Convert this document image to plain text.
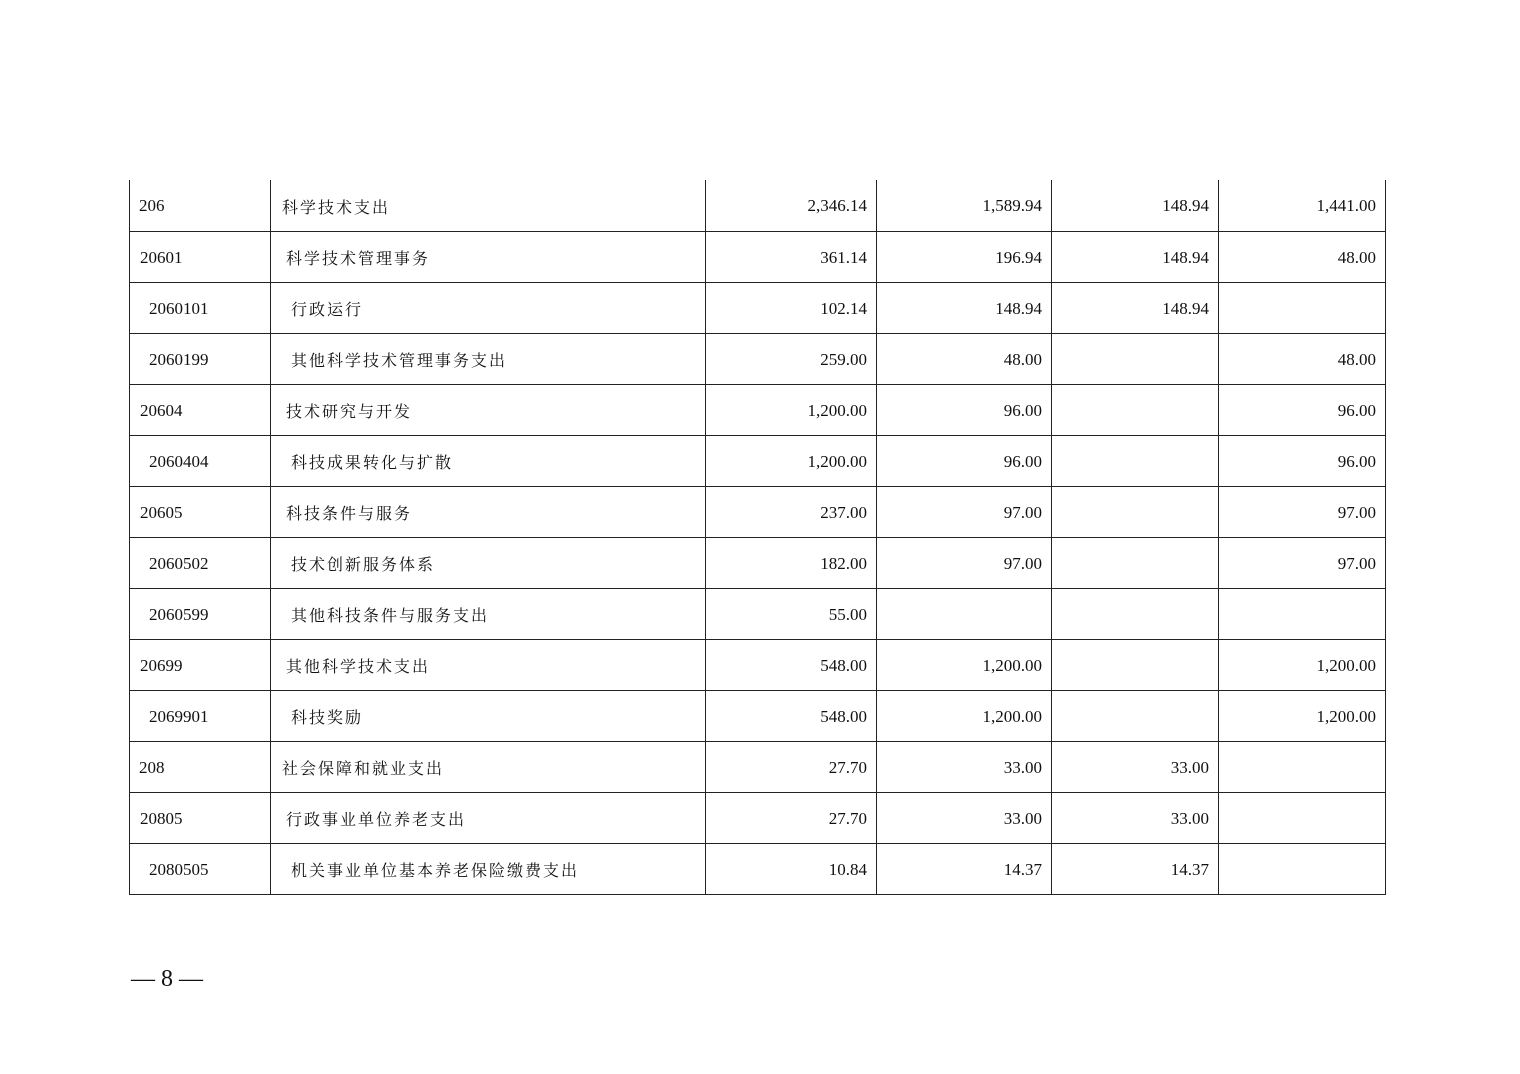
206	科学技术支出	2,346.14	1,589.94	148.94	1,441.00
20601	科学技术管理事务	361.14	196.94	148.94	48.00
2060101	行政运行	102.14	148.94	148.94	
2060199	其他科学技术管理事务支出	259.00	48.00		48.00
20604	技术研究与开发	1,200.00	96.00		96.00
2060404	科技成果转化与扩散	1,200.00	96.00		96.00
20605	科技条件与服务	237.00	97.00		97.00
2060502	技术创新服务体系	182.00	97.00		97.00
2060599	其他科技条件与服务支出	55.00			
20699	其他科学技术支出	548.00	1,200.00		1,200.00
2069901	科技奖励	548.00	1,200.00		1,200.00
208	社会保障和就业支出	27.70	33.00	33.00	
20805	行政事业单位养老支出	27.70	33.00	33.00	
2080505	机关事业单位基本养老保险缴费支出	10.84	14.37	14.37	
— 8 —
